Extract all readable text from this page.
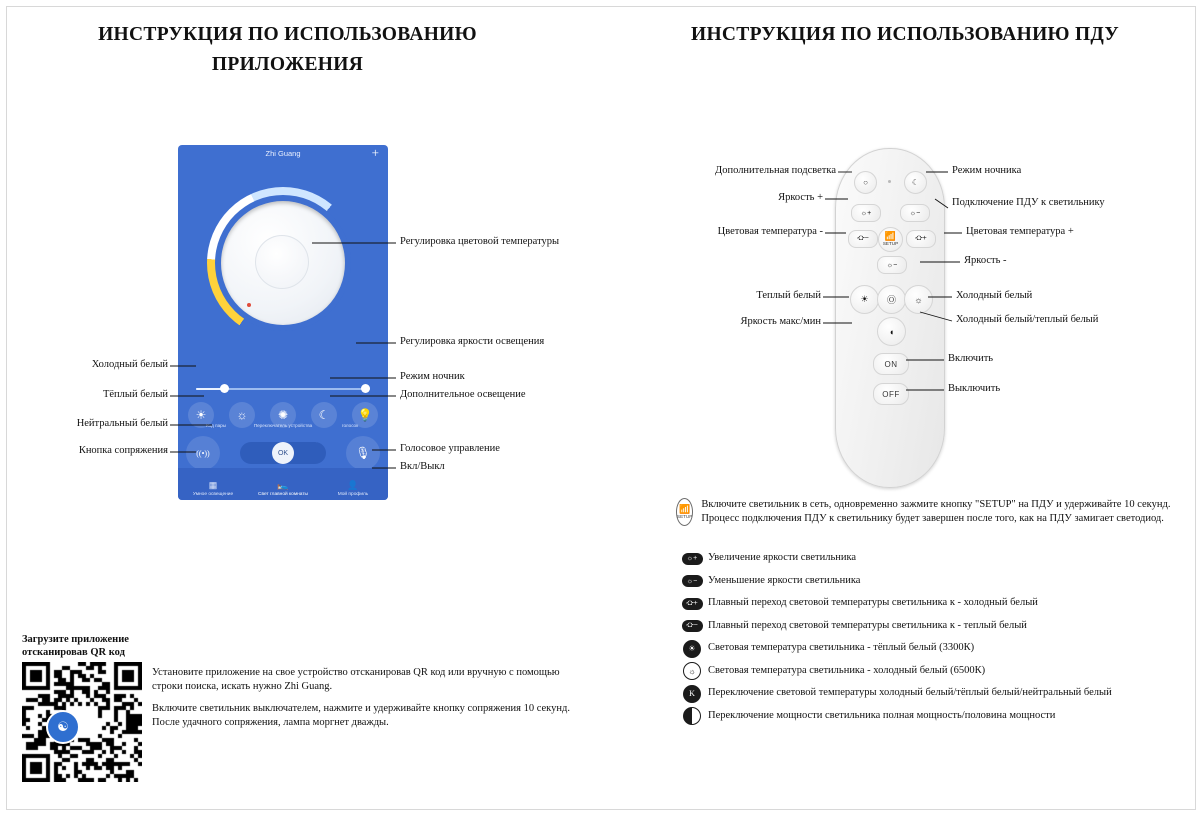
ИНСТРУКЦИЯ ПО ИСПОЛЬЗОВАНИЮ ПРИЛОЖЕНИЯ
ИНСТРУКЦИЯ ПО ИСПОЛЬЗОВАНИЮ ПДУ
Zhi Guang	+
☀	☼	✺	☾	💡
Код пары	Переключатель устройства	голосок
((•))	OK	🎙
▦
Умное освещение
🛌
Свет главной комнаты
👤
Мой профиль
○	☾
☼+	☼−
⛮−	📶
SETUP
⛮+
☼−
☀	Ⓞ	☼
◖
ON
OFF
Регулировка цветовой температуры
Регулировка яркости освещения
Режим ночник
Дополнительное освещение
Голосовое управление
Вкл/Выкл
Холодный белый
Тёплый белый
Нейтральный белый
Кнопка сопряжения
Дополнительная подсветка
Яркость +
Цветовая температура -
Теплый белый
Яркость макс/мин
Режим ночника
Подключение ПДУ к светильнику
Цветовая температура +
Яркость -
Холодный белый
Холодный белый/теплый белый
Включить
Выключить
📶
SETUP
Включите светильник в сеть, одновременно зажмите кнопку "SETUP" на ПДУ и удерживайте 10 секунд. Процесс подключения ПДУ к светильнику будет завершен после того, как на ПДУ замигает светодиод.
☼+	Увеличение яркости светильника
☼−	Уменьшение яркости светильника
⛮+ Плавный переход световой температуры светильника к - холодный белый
⛮− Плавный переход световой температуры светильника к - теплый белый
☀	Световая температура светильника - тёплый белый (3300К)
☼	Световая температура светильника - холодный белый (6500К)
K	Переключение световой температуры холодный белый/тёплый белый/нейтральный белый
Переключение мощности светильника полная мощность/половина мощности
Загрузите приложение отсканировав QR код
☯
Установите приложение на свое устройство отсканировав QR код или вручную с помощью строки поиска, искать нужно Zhi Guang.
Включите светильник выключателем, нажмите и удерживайте кнопку сопряжения 10 секунд. После удачного сопряжения, лампа моргнет дважды.
